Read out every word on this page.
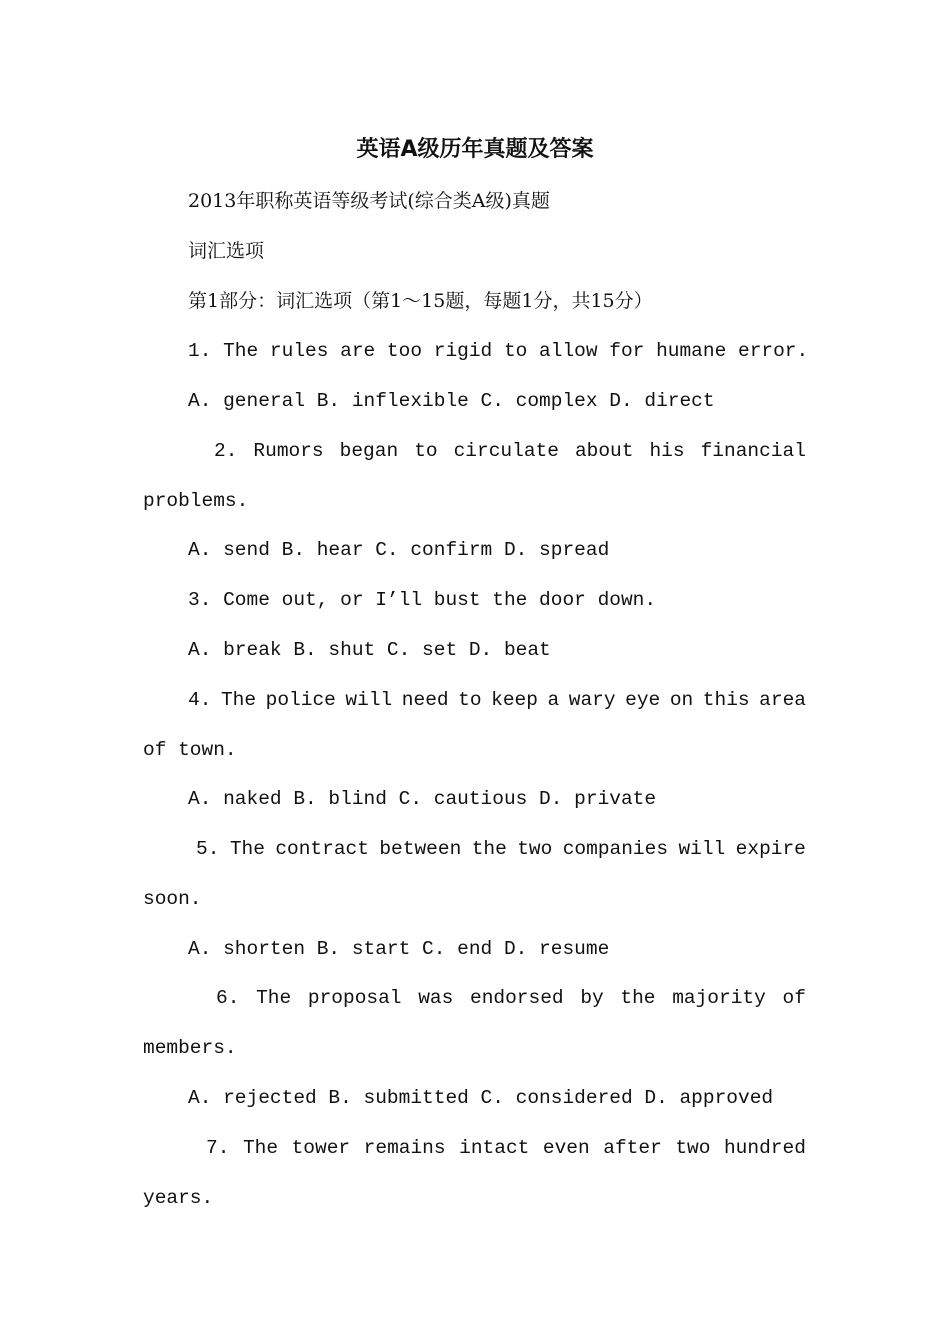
英语A级历年真题及答案

2013年职称英语等级考试(综合类A级)真题

词汇选项

第1部分：词汇选项（第1～15题，每题1分，共15分）

1. The rules are too rigid to allow for humane error.

A. general B. inflexible C. complex D. direct

2. Rumors began to circulate about his financial

problems.

A. send B. hear C. confirm D. spread

3. Come out, or I’ll bust the door down.

A. break B. shut C. set D. beat

4. The police will need to keep a wary eye on this area

of town.

A. naked B. blind C. cautious D. private

5. The contract between the two companies will expire

soon.

A. shorten B. start C. end D. resume

6. The proposal was endorsed by the majority of

members.

A. rejected B. submitted C. considered D. approved

7. The tower remains intact even after two hundred

years.
